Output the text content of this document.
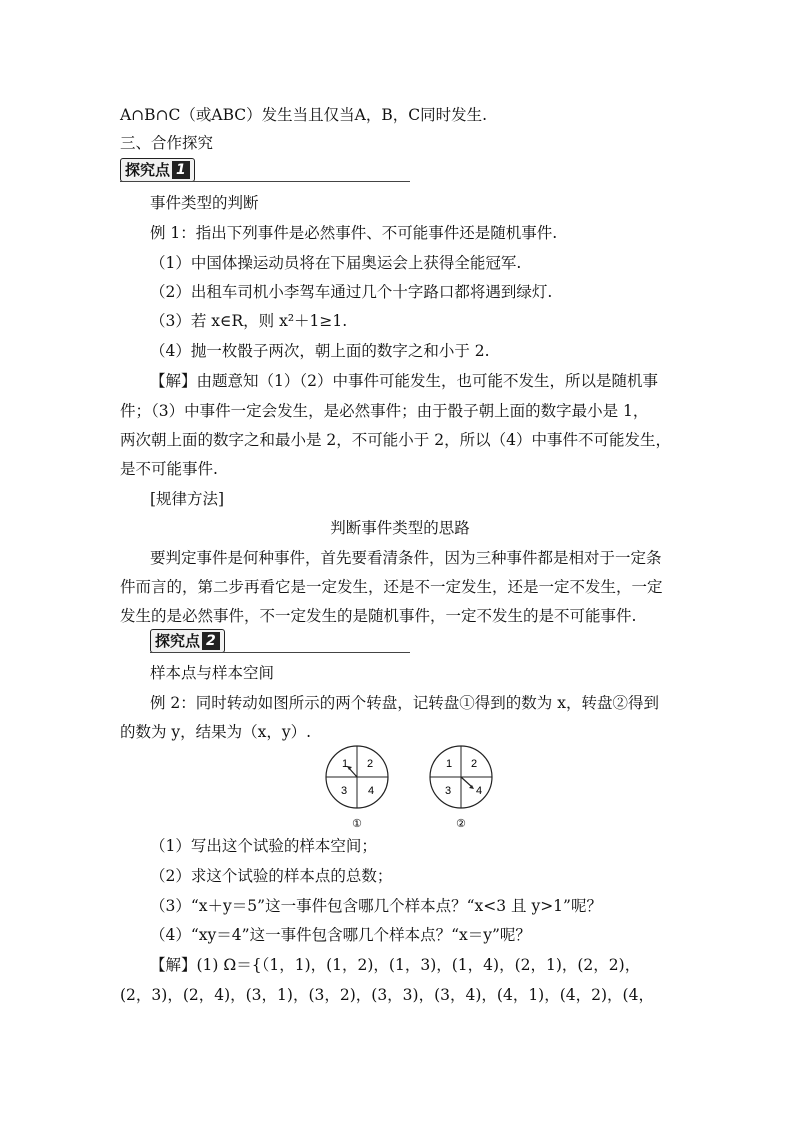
A∩B∩C（或ABC）发生当且仅当A，B，C同时发生.
三、合作探究
探究点 1
事件类型的判断
例 1：指出下列事件是必然事件、不可能事件还是随机事件.
（1）中国体操运动员将在下届奥运会上获得全能冠军.
（2）出租车司机小李驾车通过几个十字路口都将遇到绿灯.
（3）若 x∈R，则 x²＋1≥1.
（4）抛一枚骰子两次，朝上面的数字之和小于 2.
【解】由题意知（1）（2）中事件可能发生，也可能不发生，所以是随机事
件；（3）中事件一定会发生，是必然事件；由于骰子朝上面的数字最小是 1，
两次朝上面的数字之和最小是 2，不可能小于 2，所以（4）中事件不可能发生，
是不可能事件.
[规律方法]
判断事件类型的思路
要判定事件是何种事件，首先要看清条件，因为三种事件都是相对于一定条
件而言的，第二步再看它是一定发生，还是不一定发生，还是一定不发生，一定
发生的是必然事件，不一定发生的是随机事件，一定不发生的是不可能事件.
探究点 2
样本点与样本空间
例 2：同时转动如图所示的两个转盘，记转盘①得到的数为 x，转盘②得到
的数为 y，结果为（x，y）.
1 2
3 4
①
1 2
3 4
②
（1）写出这个试验的样本空间；
（2）求这个试验的样本点的总数；
（3）“x＋y＝5”这一事件包含哪几个样本点？“x<3 且 y>1”呢？
（4）“xy＝4”这一事件包含哪几个样本点？“x＝y”呢？
【解】(1) Ω＝{（1，1)，(1，2)，(1，3)，(1，4)，(2，1)，(2，2)，
(2，3)，(2，4)，(3，1)，(3，2)，(3，3)，(3，4)，(4，1)，(4，2)，(4，
